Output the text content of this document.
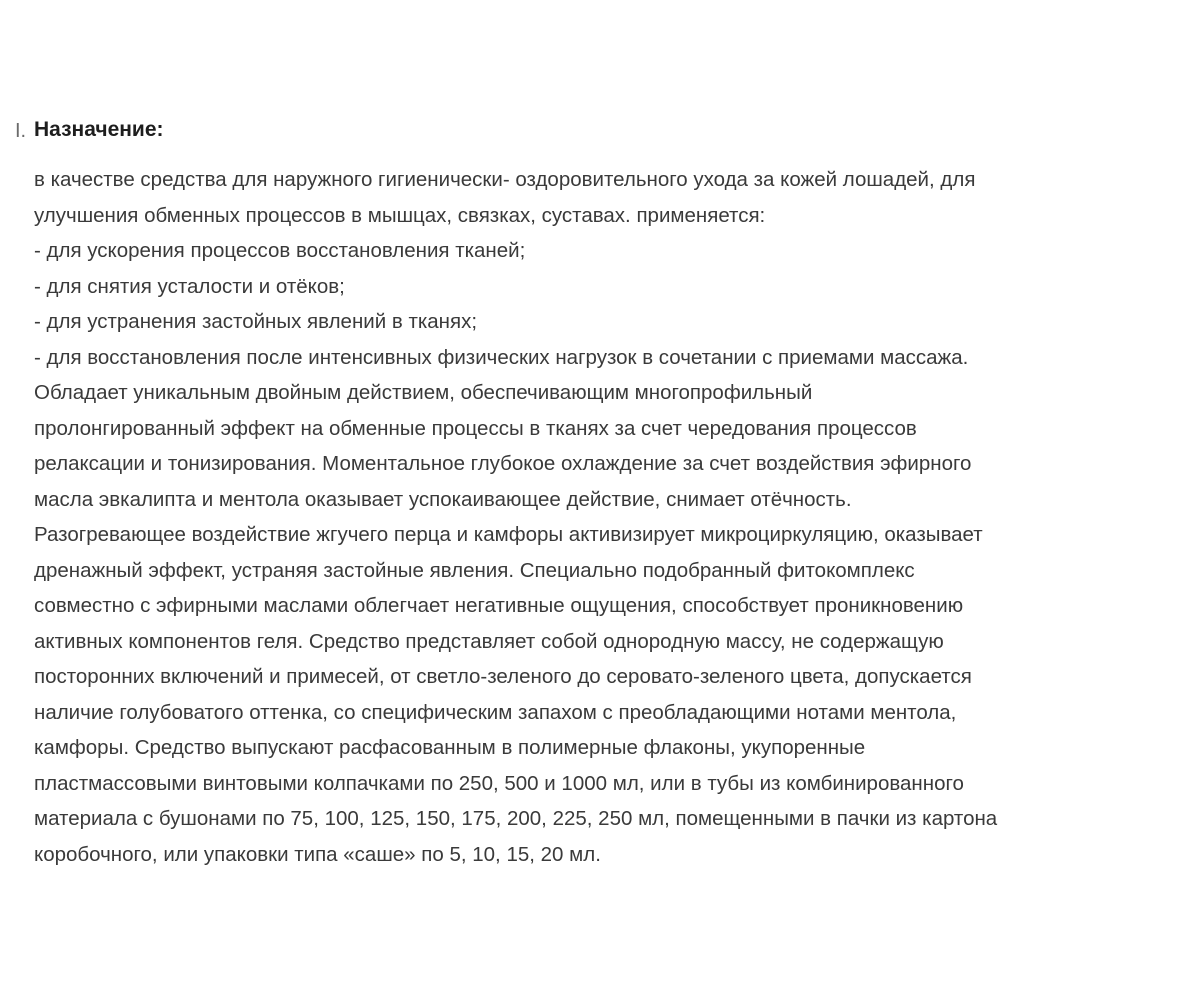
I. Назначение:
в качестве средства для наружного гигиенически- оздоровительного ухода за кожей лошадей, для
улучшения обменных процессов в мышцах, связках, суставах. применяется:
- для ускорения процессов восстановления тканей;
- для снятия усталости и отёков;
- для устранения застойных явлений в тканях;
- для восстановления после интенсивных физических нагрузок в сочетании с приемами массажа.
Обладает уникальным двойным действием, обеспечивающим многопрофильный
пролонгированный эффект на обменные процессы в тканях за счет чередования процессов
релаксации и тонизирования. Моментальное глубокое охлаждение за счет воздействия эфирного
масла эвкалипта и ментола оказывает успокаивающее действие, снимает отёчность.
Разогревающее воздействие жгучего перца и камфоры активизирует микроциркуляцию, оказывает
дренажный эффект, устраняя застойные явления. Специально подобранный фитокомплекс
совместно с эфирными маслами облегчает негативные ощущения, способствует проникновению
активных компонентов геля. Средство представляет собой однородную массу, не содержащую
посторонних включений и примесей, от светло-зеленого до серовато-зеленого цвета, допускается
наличие голубоватого оттенка, со специфическим запахом с преобладающими нотами ментола,
камфоры. Средство выпускают расфасованным в полимерные флаконы, укупоренные
пластмассовыми винтовыми колпачками по 250, 500 и 1000 мл, или в тубы из комбинированного
материала с бушонами по 75, 100, 125, 150, 175, 200, 225, 250 мл, помещенными в пачки из картона
коробочного, или упаковки типа «саше» по 5, 10, 15, 20 мл.
